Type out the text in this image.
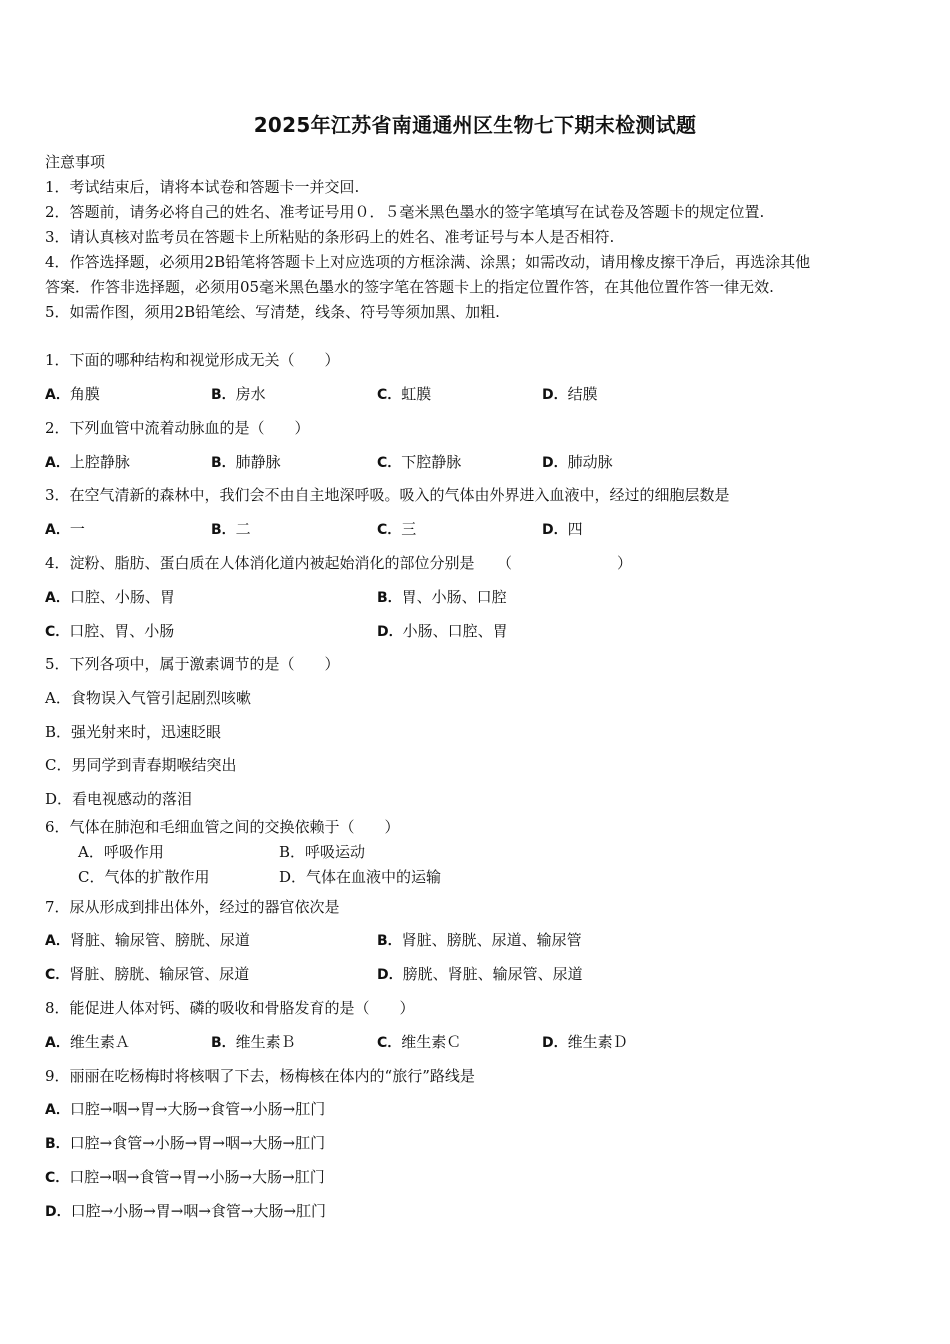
2025年江苏省南通通州区生物七下期末检测试题
注意事项
1．考试结束后，请将本试卷和答题卡一并交回.
2．答题前，请务必将自己的姓名、准考证号用０．５毫米黑色墨水的签字笔填写在试卷及答题卡的规定位置.
3．请认真核对监考员在答题卡上所粘贴的条形码上的姓名、准考证号与本人是否相符.
4．作答选择题，必须用2B铅笔将答题卡上对应选项的方框涂满、涂黑；如需改动，请用橡皮擦干净后，再选涂其他
答案．作答非选择题，必须用05毫米黑色墨水的签字笔在答题卡上的指定位置作答，在其他位置作答一律无效.
5．如需作图，须用2B铅笔绘、写清楚，线条、符号等须加黑、加粗.
1．下面的哪种结构和视觉形成无关（　　）
A．角膜	B．房水	C．虹膜	D．结膜
2．下列血管中流着动脉血的是（　　）
A．上腔静脉	B．肺静脉	C．下腔静脉	D．肺动脉
3．在空气清新的森林中，我们会不由自主地深呼吸。吸入的气体由外界进入血液中，经过的细胞层数是
A．一	B．二	C．三	D．四
4．淀粉、脂肪、蛋白质在人体消化道内被起始消化的部位分别是　　（　　　　　　　）
A．口腔、小肠、胃	B．胃、小肠、口腔
C．口腔、胃、小肠	D．小肠、口腔、胃
5．下列各项中，属于激素调节的是（　　）
A．食物误入气管引起剧烈咳嗽
B．强光射来时，迅速眨眼
C．男同学到青春期喉结突出
D．看电视感动的落泪
6．气体在肺泡和毛细血管之间的交换依赖于（　　）
A．呼吸作用	B．呼吸运动
C．气体的扩散作用	D．气体在血液中的运输
7．尿从形成到排出体外，经过的器官依次是
A．肾脏、输尿管、膀胱、尿道	B．肾脏、膀胱、尿道、输尿管
C．肾脏、膀胱、输尿管、尿道	D．膀胱、肾脏、输尿管、尿道
8．能促进人体对钙、磷的吸收和骨胳发育的是（　　）
A．维生素Ａ	B．维生素Ｂ	C．维生素Ｃ	D．维生素Ｄ
9．丽丽在吃杨梅时将核咽了下去，杨梅核在体内的“旅行”路线是
A．口腔→咽→胃→大肠→食管→小肠→肛门
B．口腔→食管→小肠→胃→咽→大肠→肛门
C．口腔→咽→食管→胃→小肠→大肠→肛门
D．口腔→小肠→胃→咽→食管→大肠→肛门
